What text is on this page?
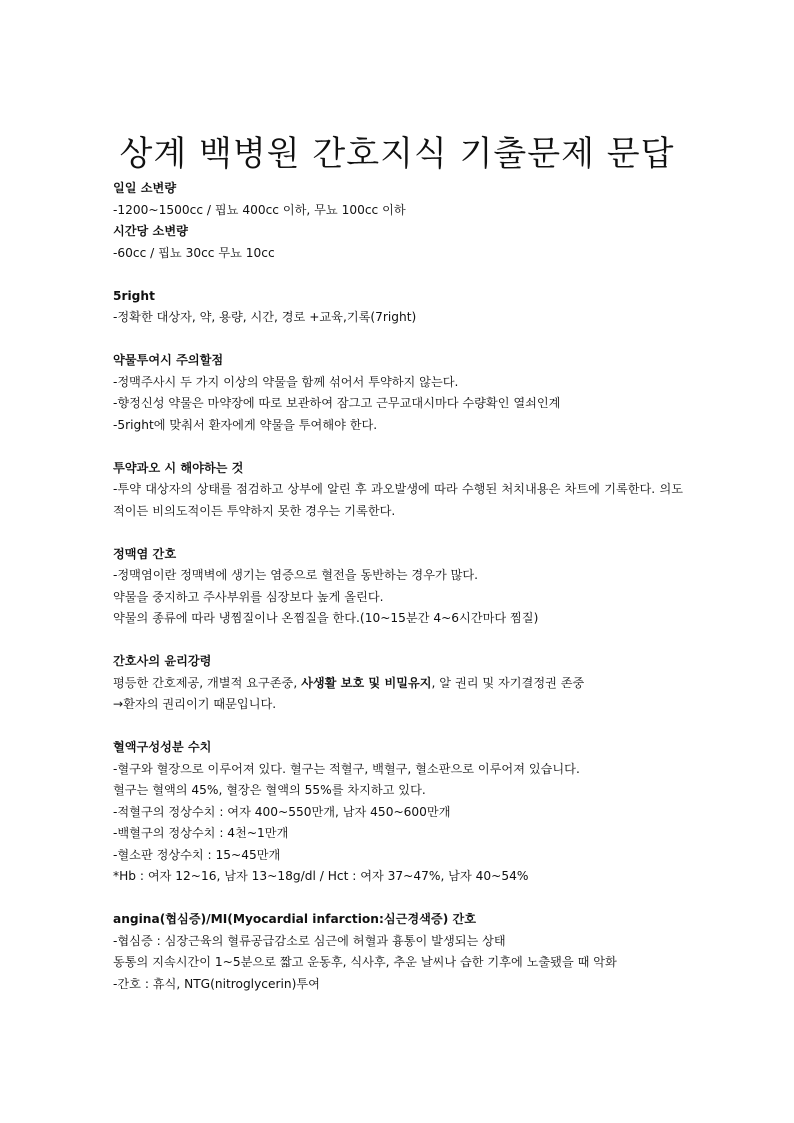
상계 백병원 간호지식 기출문제 문답

일일 소변량

-1200~1500cc / 핍뇨 400cc 이하, 무뇨 100cc 이하

시간당 소변량

-60cc / 핍뇨 30cc 무뇨 10cc

5right

-정확한 대상자, 약, 용량, 시간, 경로 +교육,기록(7right)

약물투여시 주의할점

-정맥주사시 두 가지 이상의 약물을 함께 섞어서 투약하지 않는다.

-향정신성 약물은 마약장에 따로 보관하여 잠그고 근무교대시마다 수량확인 열쇠인계

-5right에 맞춰서 환자에게 약물을 투여해야 한다.

투약과오 시 해야하는 것

-투약 대상자의 상태를 점검하고 상부에 알린 후 과오발생에 따라 수행된 처치내용은 차트에 기록한다. 의도적이든 비의도적이든 투약하지 못한 경우는 기록한다.

정맥염 간호

-정맥염이란 정맥벽에 생기는 염증으로 혈전을 동반하는 경우가 많다.

약물을 중지하고 주사부위를 심장보다 높게 올린다.

약물의 종류에 따라 냉찜질이나 온찜질을 한다.(10~15분간 4~6시간마다 찜질)

간호사의 윤리강령

평등한 간호제공, 개별적 요구존중, 사생활 보호 및 비밀유지, 알 권리 및 자기결정권 존중

→환자의 권리이기 때문입니다.

혈액구성성분 수치

-혈구와 혈장으로 이루어져 있다. 혈구는 적혈구, 백혈구, 혈소판으로 이루어져 있습니다.

혈구는 혈액의 45%, 혈장은 혈액의 55%를 차지하고 있다.

-적혈구의 정상수치 : 여자 400~550만개, 남자 450~600만개

-백혈구의 정상수치 : 4천~1만개

-혈소판 정상수치 : 15~45만개

*Hb : 여자 12~16, 남자 13~18g/dl / Hct : 여자 37~47%, 남자 40~54%

angina(협심증)/MI(Myocardial infarction:심근경색증) 간호

-협심증 : 심장근육의 혈류공급감소로 심근에 허혈과 흉통이 발생되는 상태

동통의 지속시간이 1~5분으로 짧고 운동후, 식사후, 추운 날씨나 습한 기후에 노출됐을 때 악화

-간호 : 휴식, NTG(nitroglycerin)투여
